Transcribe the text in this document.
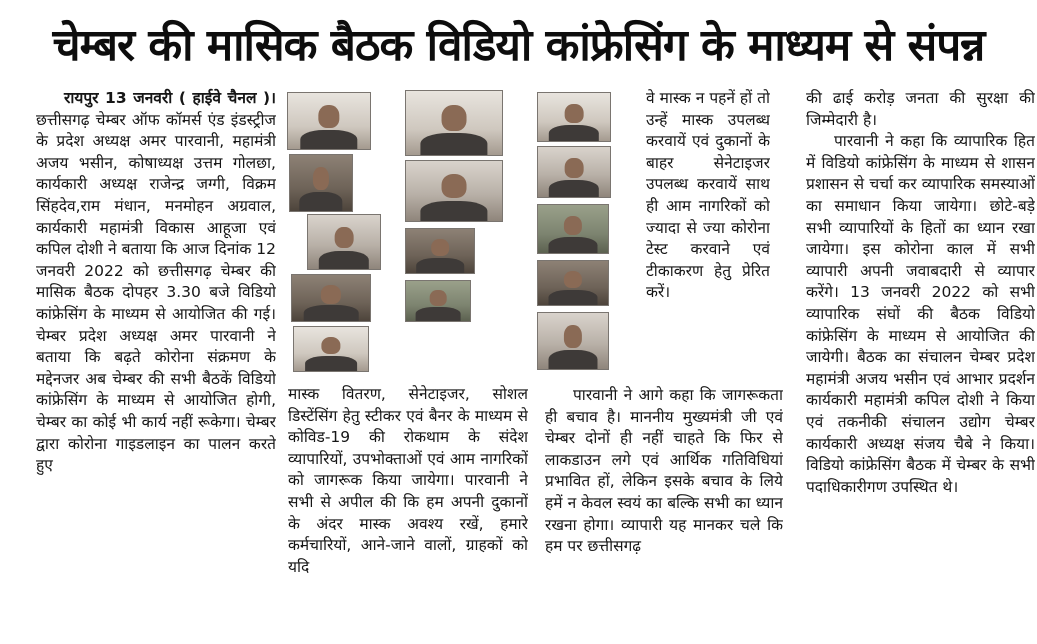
चेम्बर की मासिक बैठक विडियो कांफ्रेसिंग के माध्यम से संपन्न

रायपुर 13 जनवरी ( हाईवे चैनल )। छत्तीसगढ़ चेम्बर ऑफ कॉमर्स एंड इंडस्ट्रीज के प्रदेश अध्यक्ष अमर पारवानी, महामंत्री अजय भसीन, कोषाध्यक्ष उत्तम गोलछा, कार्यकारी अध्यक्ष राजेन्द्र जग्गी, विक्रम सिंहदेव,राम मंधान, मनमोहन अग्रवाल, कार्यकारी महामंत्री विकास आहूजा एवं कपिल दोशी ने बताया कि आज दिनांक 12 जनवरी 2022 को छत्तीसगढ़ चेम्बर की मासिक बैठक दोपहर 3.30 बजे विडियो कांफ्रेसिंग के माध्यम से आयोजित की गई। चेम्बर प्रदेश अध्यक्ष अमर पारवानी ने बताया कि बढ़ते कोरोना संक्रमण के मद्देनजर अब चेम्बर की सभी बैठकें विडियो कांफ्रेसिंग के माध्यम से आयोजित होगी, चेम्बर का कोई भी कार्य नहीं रूकेगा। चेम्बर द्वारा कोरोना गाइडलाइन का पालन करते हुए

मास्क वितरण, सेनेटाइजर, सोशल डिस्टेंसिंग हेतु स्टीकर एवं बैनर के माध्यम से कोविड-19 की रोकथाम के संदेश व्यापारियों, उपभोक्ताओं एवं आम नागरिकों को जागरूक किया जायेगा। पारवानी ने सभी से अपील की कि हम अपनी दुकानों के अंदर मास्क अवश्य रखें, हमारे कर्मचारियों, आने-जाने वालों, ग्राहकों को यदि

वे मास्क न पहनें हों तो उन्हें मास्क उपलब्ध करवायें एवं दुकानों के बाहर सेनेटाइजर उपलब्ध करवायें साथ ही आम नागरिकों को ज्यादा से ज्या कोरोना टेस्ट करवाने एवं टीकाकरण हेतु प्रेरित करें।

पारवानी ने आगे कहा कि जागरूकता ही बचाव है। माननीय मुख्यमंत्री जी एवं चेम्बर दोनों ही नहीं चाहते कि फिर से लाकडाउन लगे एवं आर्थिक गतिविधियां प्रभावित हों, लेकिन इसके बचाव के लिये हमें न केवल स्वयं का बल्कि सभी का ध्यान रखना होगा। व्यापारी यह मानकर चले कि हम पर छत्तीसगढ़

की ढाई करोड़ जनता की सुरक्षा की जिम्मेदारी है।

पारवानी ने कहा कि व्यापारिक हित में विडियो कांफ्रेसिंग के माध्यम से शासन प्रशासन से चर्चा कर व्यापारिक समस्याओं का समाधान किया जायेगा। छोटे-बड़े सभी व्यापारियों के हितों का ध्यान रखा जायेगा। इस कोरोना काल में सभी व्यापारी अपनी जवाबदारी से व्यापार करेंगे। 13 जनवरी 2022 को सभी व्यापारिक संघों की बैठक विडियो कांफ्रेसिंग के माध्यम से आयोजित की जायेगी। बैठक का संचालन चेम्बर प्रदेश महामंत्री अजय भसीन एवं आभार प्रदर्शन कार्यकारी महामंत्री कपिल दोशी ने किया एवं तकनीकी संचालन उद्योग चेम्बर कार्यकारी अध्यक्ष संजय चैबे ने किया। विडियो कांफ्रेसिंग बैठक में चेम्बर के सभी पदाधिकारीगण उपस्थित थे।
